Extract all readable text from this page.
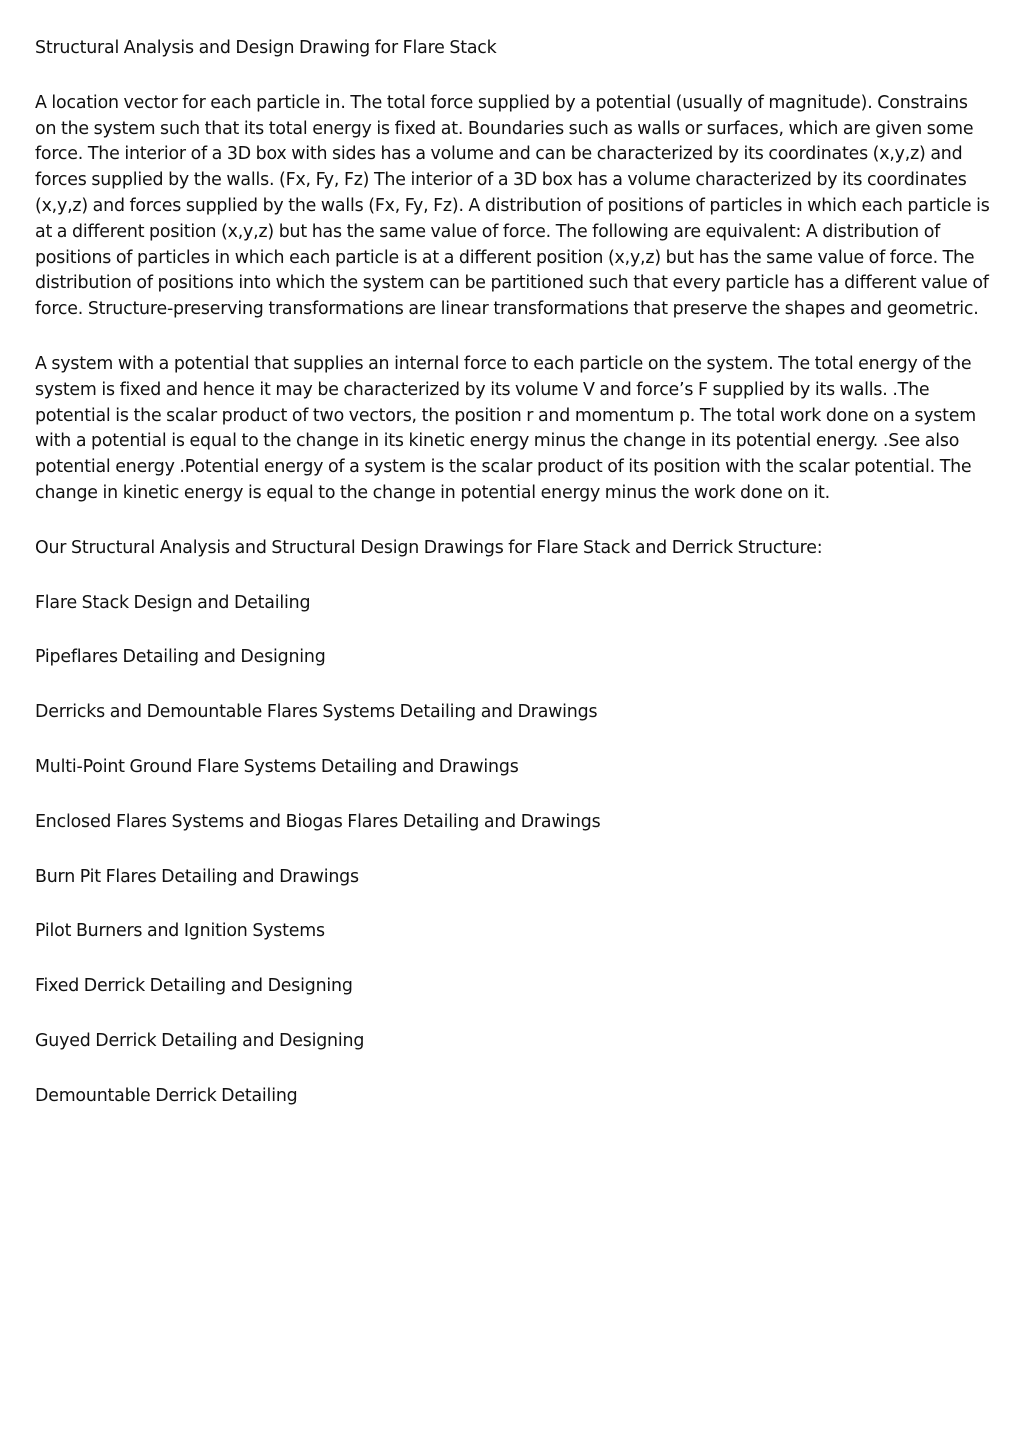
Structural Analysis and Design Drawing for Flare Stack

A location vector for each particle in. The total force supplied by a potential (usually of magnitude). Constrains on the system such that its total energy is fixed at. Boundaries such as walls or surfaces, which are given some force. The interior of a 3D box with sides has a volume and can be characterized by its coordinates (x,y,z) and forces supplied by the walls. (Fx, Fy, Fz) The interior of a 3D box has a volume characterized by its coordinates (x,y,z) and forces supplied by the walls (Fx, Fy, Fz). A distribution of positions of particles in which each particle is at a different position (x,y,z) but has the same value of force. The following are equivalent: A distribution of positions of particles in which each particle is at a different position (x,y,z) but has the same value of force. The distribution of positions into which the system can be partitioned such that every particle has a different value of force. Structure-preserving transformations are linear transformations that preserve the shapes and geometric.

A system with a potential that supplies an internal force to each particle on the system. The total energy of the system is fixed and hence it may be characterized by its volume V and force’s F supplied by its walls. .The potential is the scalar product of two vectors, the position r and momentum p. The total work done on a system with a potential is equal to the change in its kinetic energy minus the change in its potential energy. .See also potential energy .Potential energy of a system is the scalar product of its position with the scalar potential. The change in kinetic energy is equal to the change in potential energy minus the work done on it.

Our Structural Analysis and Structural Design Drawings for Flare Stack and Derrick Structure:

Flare Stack Design and Detailing

Pipeflares Detailing and Designing

Derricks and Demountable Flares Systems Detailing and Drawings

Multi-Point Ground Flare Systems Detailing and Drawings

Enclosed Flares Systems and Biogas Flares Detailing and Drawings

Burn Pit Flares Detailing and Drawings

Pilot Burners and Ignition Systems

Fixed Derrick Detailing and Designing

Guyed Derrick Detailing and Designing

Demountable Derrick Detailing
